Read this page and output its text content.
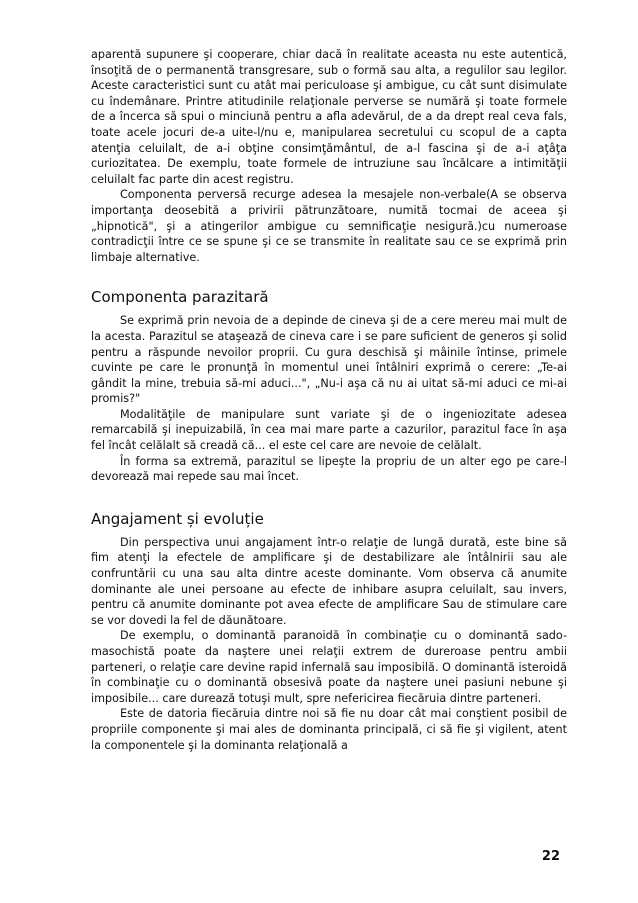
aparentă supunere şi cooperare, chiar dacă în realitate aceasta nu este autentică, însoţită de o permanentă transgresare, sub o formă sau alta, a regulilor sau legilor. Aceste caracteristici sunt cu atât mai periculoase şi ambigue, cu cât sunt disimulate cu îndemânare. Printre atitudinile relaţionale perverse se numără şi toate formele de a încerca să spui o minciună pentru a afla adevărul, de a da drept real ceva fals, toate acele jocuri de-a uite-l/nu e, manipularea secretului cu scopul de a capta atenţia celuilalt, de a-i obţine consimţământul, de a-l fascina şi de a-i aţâţa curiozitatea. De exemplu, toate formele de intruziune sau încălcare a intimităţii celuilalt fac parte din acest registru.

Componenta perversă recurge adesea la mesajele non-verbale(A se observa importanţa deosebită a privirii pătrunzătoare, numită tocmai de aceea şi „hipnotică", şi a atingerilor ambigue cu semnificaţie nesigură.)cu numeroase contradicţii între ce se spune şi ce se transmite în realitate sau ce se exprimă prin limbaje alternative.

Componenta parazitară

Se exprimă prin nevoia de a depinde de cineva şi de a cere mereu mai mult de la acesta. Parazitul se ataşează de cineva care i se pare suficient de generos şi solid pentru a răspunde nevoilor proprii. Cu gura deschisă şi mâinile întinse, primele cuvinte pe care le pronunţă în momentul unei întâlniri exprimă o cerere: „Te-ai gândit la mine, trebuia să-mi aduci...", „Nu-i aşa că nu ai uitat să-mi aduci ce mi-ai promis?"

Modalităţile de manipulare sunt variate şi de o ingeniozitate adesea remarcabilă şi inepuizabilă, în cea mai mare parte a cazurilor, parazitul face în aşa fel încât celălalt să creadă că... el este cel care are nevoie de celălalt.

În forma sa extremă, parazitul se lipeşte la propriu de un alter ego pe care-l devorează mai repede sau mai încet.

Angajament și evoluție

Din perspectiva unui angajament într-o relaţie de lungă durată, este bine să fim atenţi la efectele de amplificare şi de destabilizare ale întâlnirii sau ale confruntării cu una sau alta dintre aceste dominante. Vom observa că anumite dominante ale unei persoane au efecte de inhibare asupra celuilalt, sau invers, pentru că anumite dominante pot avea efecte de amplificare Sau de stimulare care se vor dovedi la fel de dăunătoare.

De exemplu, o dominantă paranoidă în combinaţie cu o dominantă sado-masochistă poate da naştere unei relaţii extrem de dureroase pentru ambii parteneri, o relaţie care devine rapid infernală sau imposibilă. O dominantă isteroidă în combinaţie cu o dominantă obsesivă poate da naştere unei pasiuni nebune şi imposibile... care durează totuşi mult, spre nefericirea fiecăruia dintre parteneri.

Este de datoria fiecăruia dintre noi să fie nu doar cât mai conştient posibil de propriile componente şi mai ales de dominanta principală, ci să fie şi vigilent, atent la componentele şi la dominanta relaţională a

22
